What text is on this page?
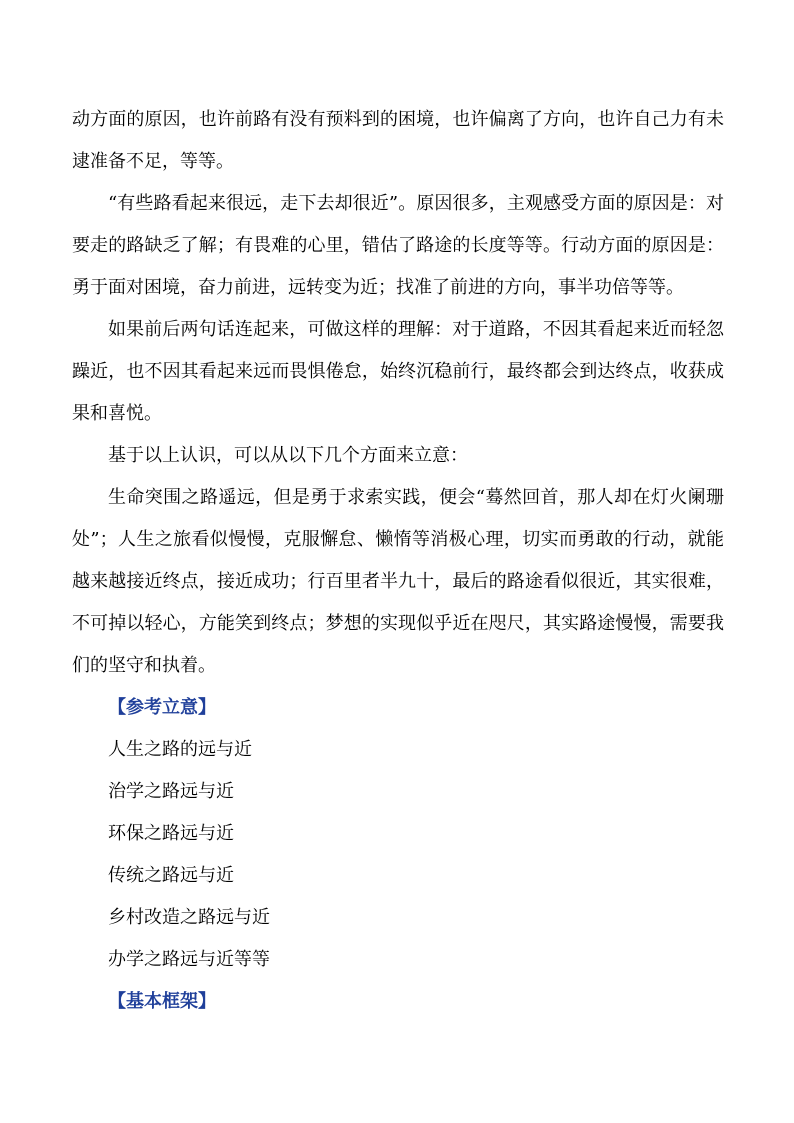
动方面的原因，也许前路有没有预料到的困境，也许偏离了方向，也许自己力有未逮准备不足，等等。

“有些路看起来很远，走下去却很近”。原因很多，主观感受方面的原因是：对要走的路缺乏了解；有畏难的心里，错估了路途的长度等等。行动方面的原因是：勇于面对困境，奋力前进，远转变为近；找准了前进的方向，事半功倍等等。

如果前后两句话连起来，可做这样的理解：对于道路，不因其看起来近而轻忽躁近，也不因其看起来远而畏惧倦怠，始终沉稳前行，最终都会到达终点，收获成果和喜悦。

基于以上认识，可以从以下几个方面来立意：

生命突围之路遥远，但是勇于求索实践，便会“蓦然回首，那人却在灯火阑珊处”；人生之旅看似慢慢，克服懈怠、懒惰等消极心理，切实而勇敢的行动，就能越来越接近终点，接近成功；行百里者半九十，最后的路途看似很近，其实很难，不可掉以轻心，方能笑到终点；梦想的实现似乎近在咫尺，其实路途慢慢，需要我们的坚守和执着。

【参考立意】

人生之路的远与近

治学之路远与近

环保之路远与近

传统之路远与近

乡村改造之路远与近

办学之路远与近等等

【基本框架】
